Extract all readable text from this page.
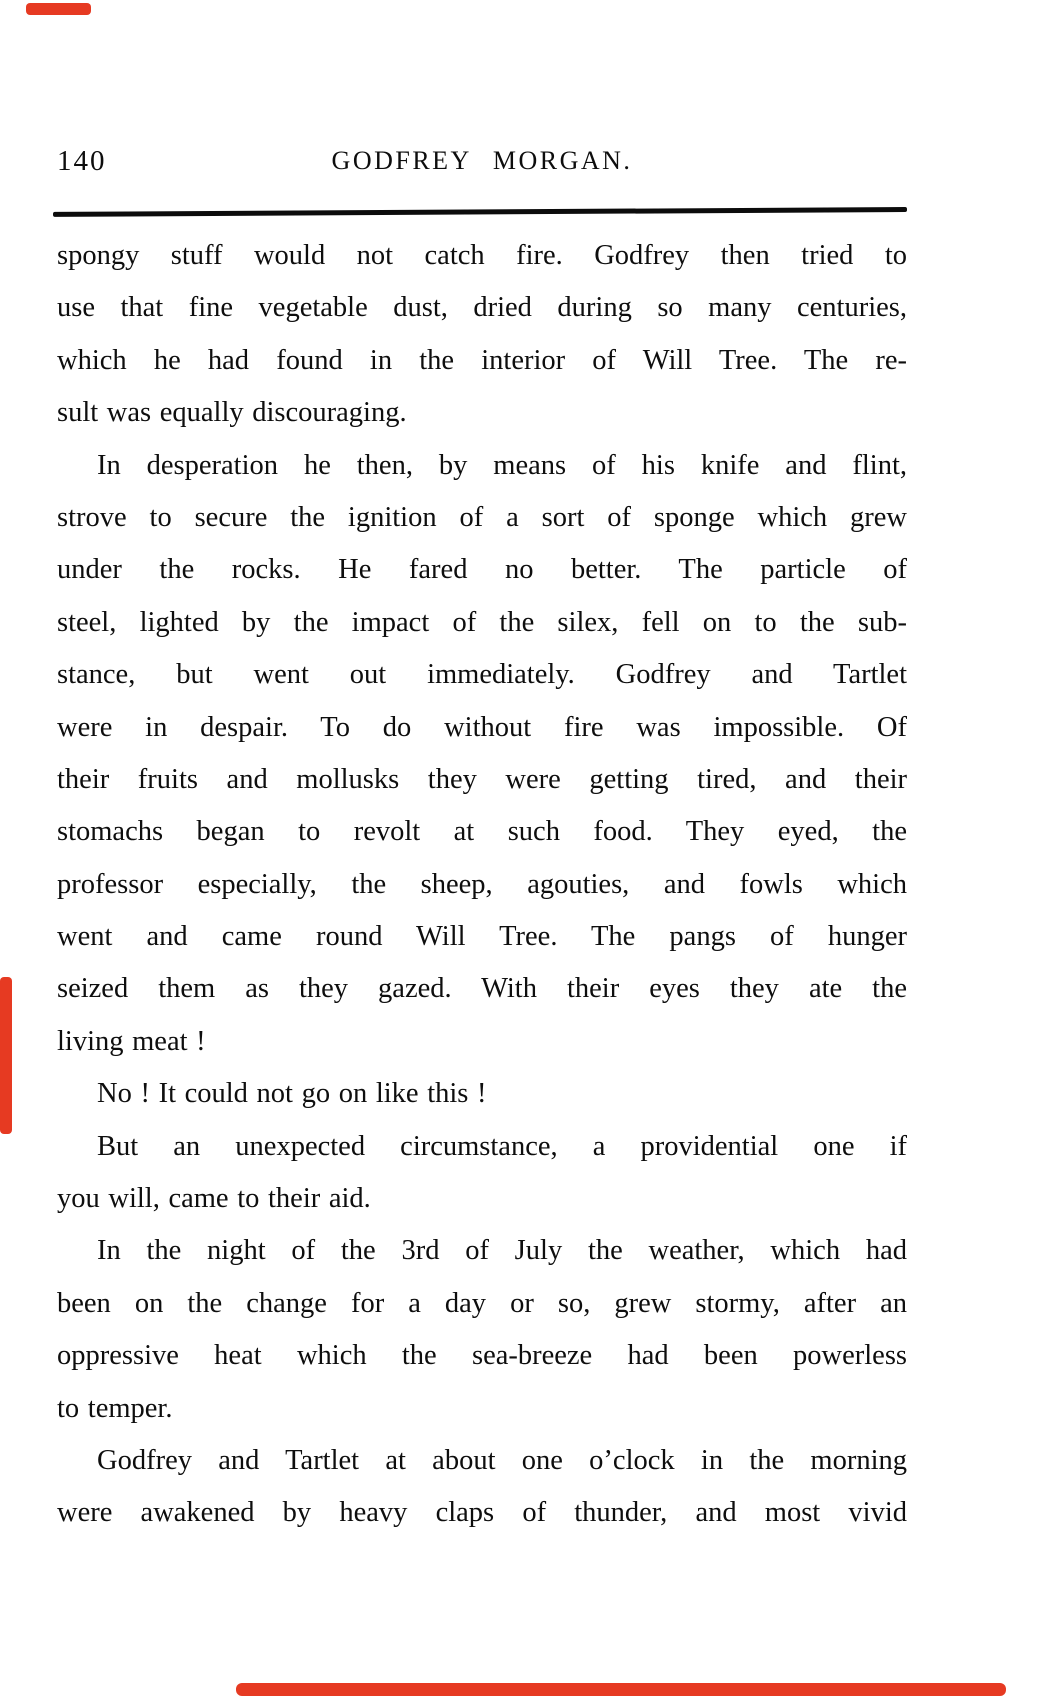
140	GODFREY MORGAN.
spongy stuff would not catch fire. Godfrey then tried to
use that fine vegetable dust, dried during so many centuries,
which he had found in the interior of Will Tree. The re-
sult was equally discouraging.
In desperation he then, by means of his knife and flint,
strove to secure the ignition of a sort of sponge which grew
under the rocks. He fared no better. The particle of
steel, lighted by the impact of the silex, fell on to the sub-
stance, but went out immediately. Godfrey and Tartlet
were in despair. To do without fire was impossible. Of
their fruits and mollusks they were getting tired, and their
stomachs began to revolt at such food. They eyed, the
professor especially, the sheep, agouties, and fowls which
went and came round Will Tree. The pangs of hunger
seized them as they gazed. With their eyes they ate the
living meat !
No ! It could not go on like this !
But an unexpected circumstance, a providential one if
you will, came to their aid.
In the night of the 3rd of July the weather, which had
been on the change for a day or so, grew stormy, after an
oppressive heat which the sea-breeze had been powerless
to temper.
Godfrey and Tartlet at about one o’clock in the morning
were awakened by heavy claps of thunder, and most vivid
